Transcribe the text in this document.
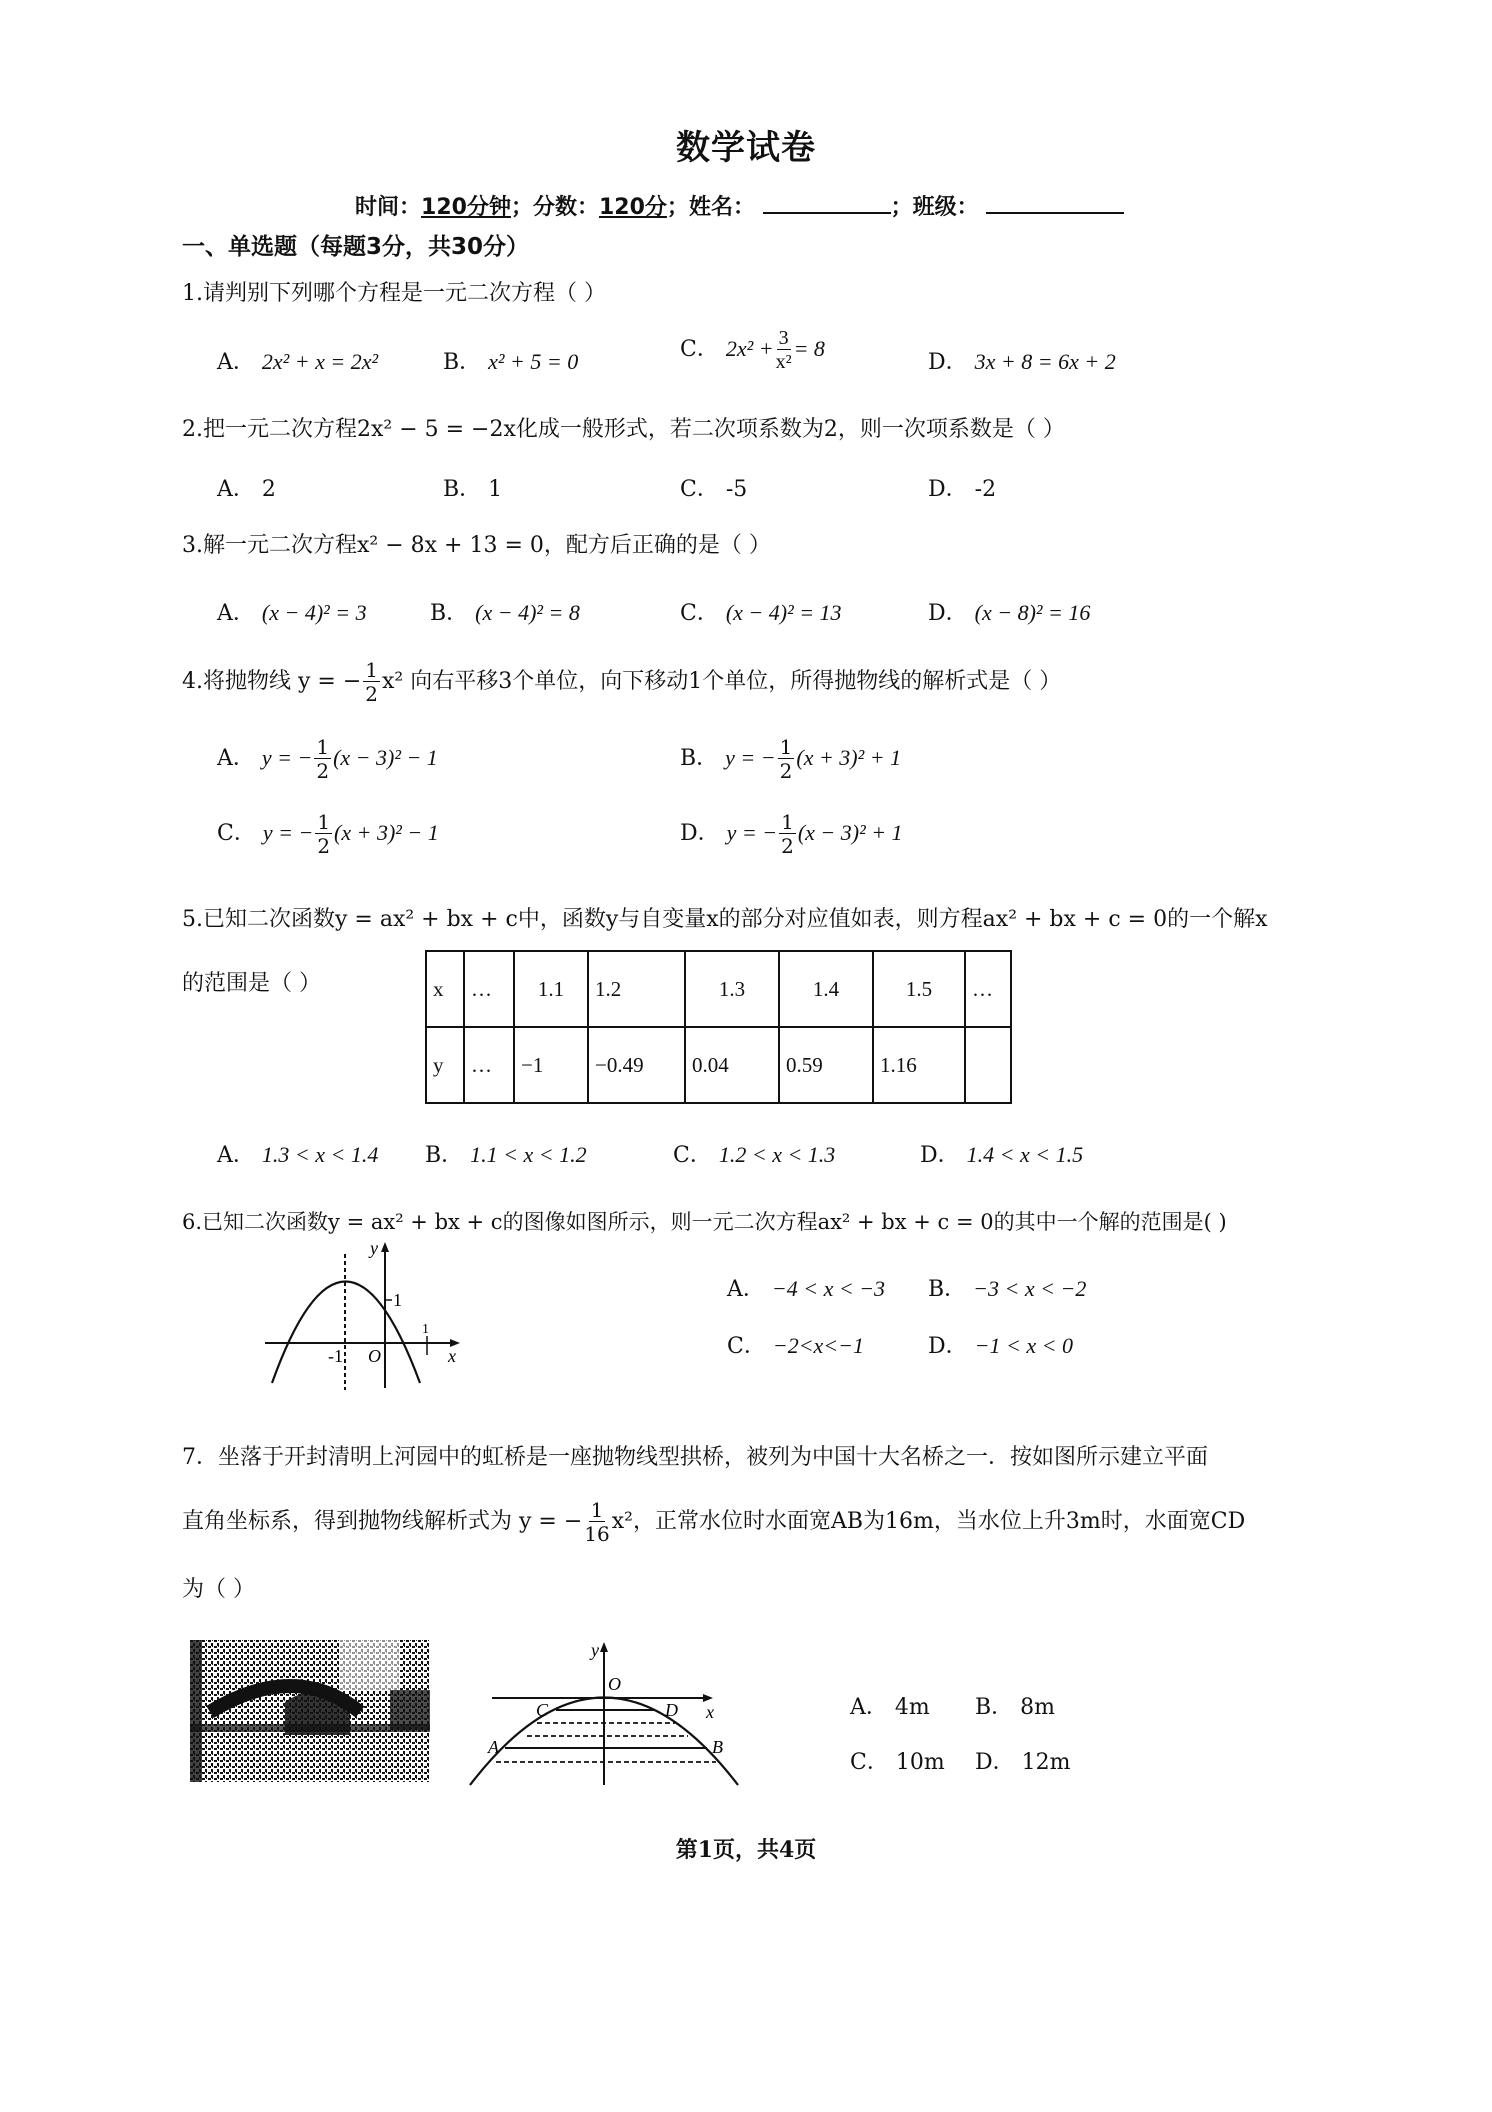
数学试卷
时间：120分钟；分数：120分；姓名：	；班级：
一、单选题（每题3分，共30分）
1.请判别下列哪个方程是一元二次方程（ ）
A． 2x² + x = 2x²	B． x² + 5 = 0	C． $2x^2 + \frac{3}{\text{x²}} = 8$
D． 3x + 8 = 6x + 2
2.把一元二次方程2x² − 5 = −2x化成一般形式，若二次项系数为2，则一次项系数是（ ）
A． 2	B． 1	C． -5	D． -2
3.解一元二次方程x² − 8x + 13 = 0，配方后正确的是（ ）
A． (x − 4)² = 3	B． (x − 4)² = 8	C． (x − 4)² = 13	D． (x − 8)² = 16
4.将抛物线 y = − $\frac{1}{2} x^2$ 向右平移3个单位，向下移动1个单位，所得抛物线的解析式是（ ）
A． y = − $\frac{1}{2} (x - 3)^2 - 1$	B． y = − $\frac{1}{2} (x + 3)^2 + 1$
C． y = − $\frac{1}{2} (x + 3)^2 - 1$	D． y = − $\frac{1}{2} (x - 3)^2 + 1$
5.已知二次函数y = ax² + bx + c中，函数y与自变量x的部分对应值如表，则方程ax² + bx + c = 0的一个解x
的范围是（ ）	x	…	1.1	1.2	1.3	1.4	1.5	…
y	…	−1	−0.49	0.04	0.59	1.16	
A． 1.3 < x < 1.4 B． 1.1 < x < 1.2	C． 1.2 < x < 1.3	D． 1.4 < x < 1.5
6.已知二次函数y = ax² + bx + c的图像如图所示，则一元二次方程ax² + bx + c = 0的其中一个解的范围是( )
-1 O
1
1
y
x
A． −4 < x < −3 B． −3 < x < −2
C． −2<x<−1	D． −1 < x < 0
7．坐落于开封清明上河园中的虹桥是一座抛物线型拱桥，被列为中国十大名桥之一．按如图所示建立平面
直角坐标系，得到抛物线解析式为 y = − $\frac{1}{16} x^2$，正常水位时水面宽AB为16m，当水位上升3m时，水面宽CD
为（ ）
y
O
x
C	D
A	B
A． 4m B． 8m
C． 10m D． 12m
第1页，共4页
